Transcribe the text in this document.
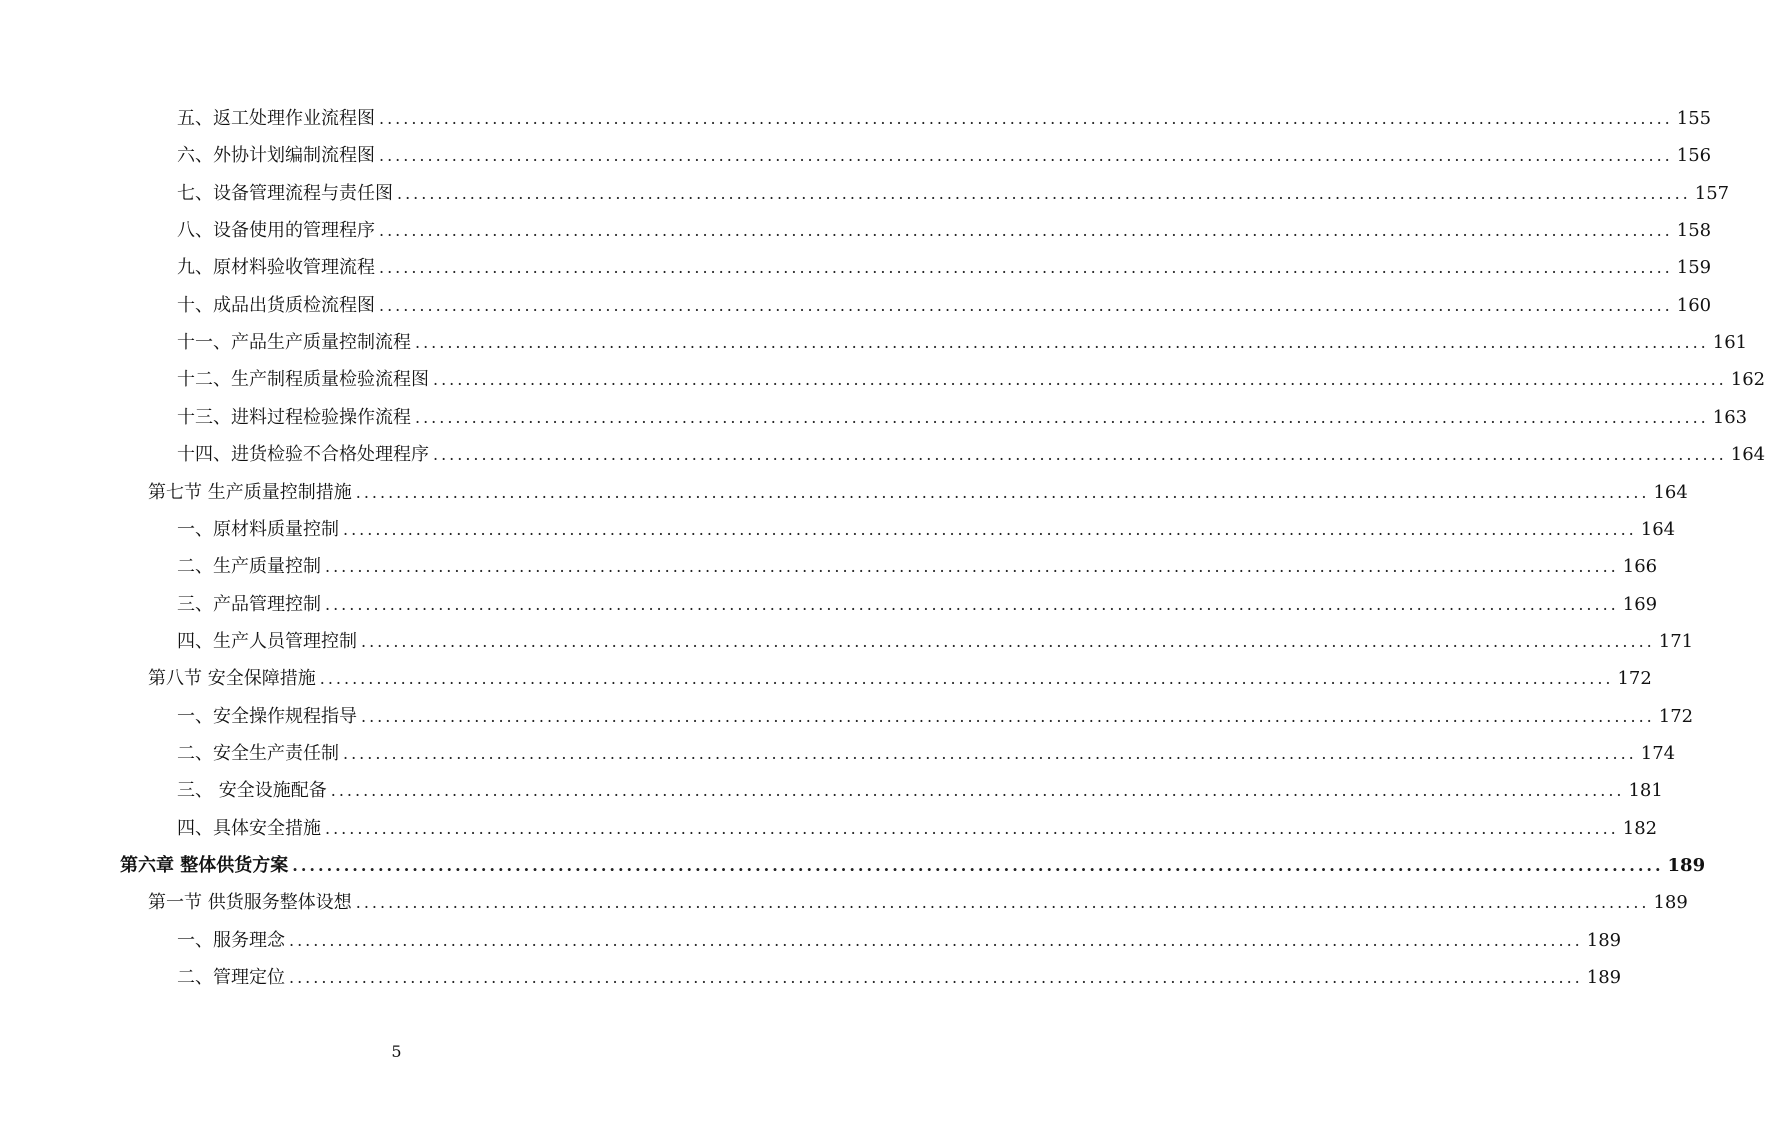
五、返工处理作业流程图 ................................................................................................................................................................ 155
六、外协计划编制流程图 ................................................................................................................................................................ 156
七、设备管理流程与责任图 ................................................................................................................................................................ 157
八、设备使用的管理程序 ................................................................................................................................................................ 158
九、原材料验收管理流程 ................................................................................................................................................................ 159
十、成品出货质检流程图 ................................................................................................................................................................ 160
十一、产品生产质量控制流程 ................................................................................................................................................................ 161
十二、生产制程质量检验流程图 ................................................................................................................................................................ 162
十三、进料过程检验操作流程 ................................................................................................................................................................ 163
十四、进货检验不合格处理程序 ................................................................................................................................................................ 164
第七节 生产质量控制措施 ................................................................................................................................................................ 164
一、原材料质量控制 ................................................................................................................................................................ 164
二、生产质量控制 ................................................................................................................................................................ 166
三、产品管理控制 ................................................................................................................................................................ 169
四、生产人员管理控制 ................................................................................................................................................................ 171
第八节 安全保障措施 ................................................................................................................................................................ 172
一、安全操作规程指导 ................................................................................................................................................................ 172
二、安全生产责任制 ................................................................................................................................................................ 174
三、 安全设施配备 ................................................................................................................................................................ 181
四、具体安全措施 ................................................................................................................................................................ 182
第六章 整体供货方案 ................................................................................................................................................................ 189
第一节 供货服务整体设想 ................................................................................................................................................................ 189
一、服务理念 ................................................................................................................................................................ 189
二、管理定位 ................................................................................................................................................................ 189
5
